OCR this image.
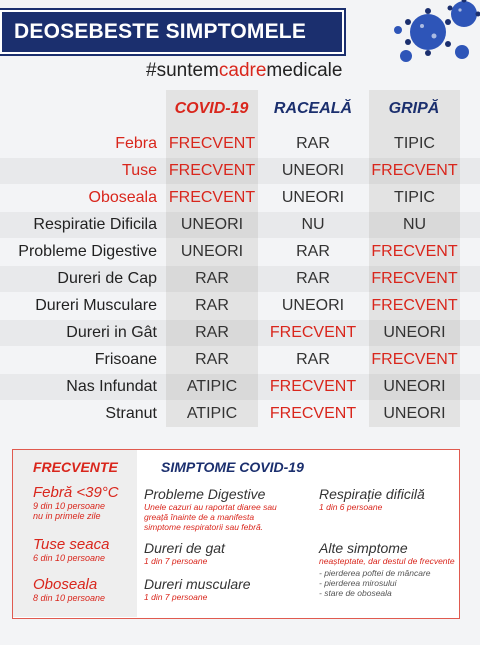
DEOSEBESTE SIMPTOMELE
#suntemcadremedicale
COVID-19	RACEALĂ	GRIPĂ
Febra FRECVENT	RAR	TIPIC
Tuse FRECVENT	UNEORI	FRECVENT
Oboseala FRECVENT	UNEORI	TIPIC
Respiratie Dificila	UNEORI	NU	NU
Probleme Digestive	UNEORI	RAR	FRECVENT
Dureri de Cap	RAR	RAR	FRECVENT
Dureri Musculare	RAR	UNEORI	FRECVENT
Dureri in Gât	RAR	FRECVENT	UNEORI
Frisoane	RAR	RAR	FRECVENT
Nas Infundat	ATIPIC	FRECVENT	UNEORI
Stranut	ATIPIC	FRECVENT	UNEORI
FRECVENTE
Febră <39°C
9 din 10 persoane
nu in primele zile
Tuse seaca
6 din 10 persoane
Oboseala
8 din 10 persoane
SIMPTOME COVID-19
Probleme Digestive
Unele cazuri au raportat diaree sau
greață înainte de a manifesta
simptome respiratorii sau febră.
Dureri de gat
1 din 7 persoane
Dureri musculare
1 din 7 persoane
Respirație dificilă
1 din 6 persoane
Alte simptome
neașteptate, dar destul de frecvente
- pierderea poftei de mâncare
- pierderea mirosului
- stare de oboseala
